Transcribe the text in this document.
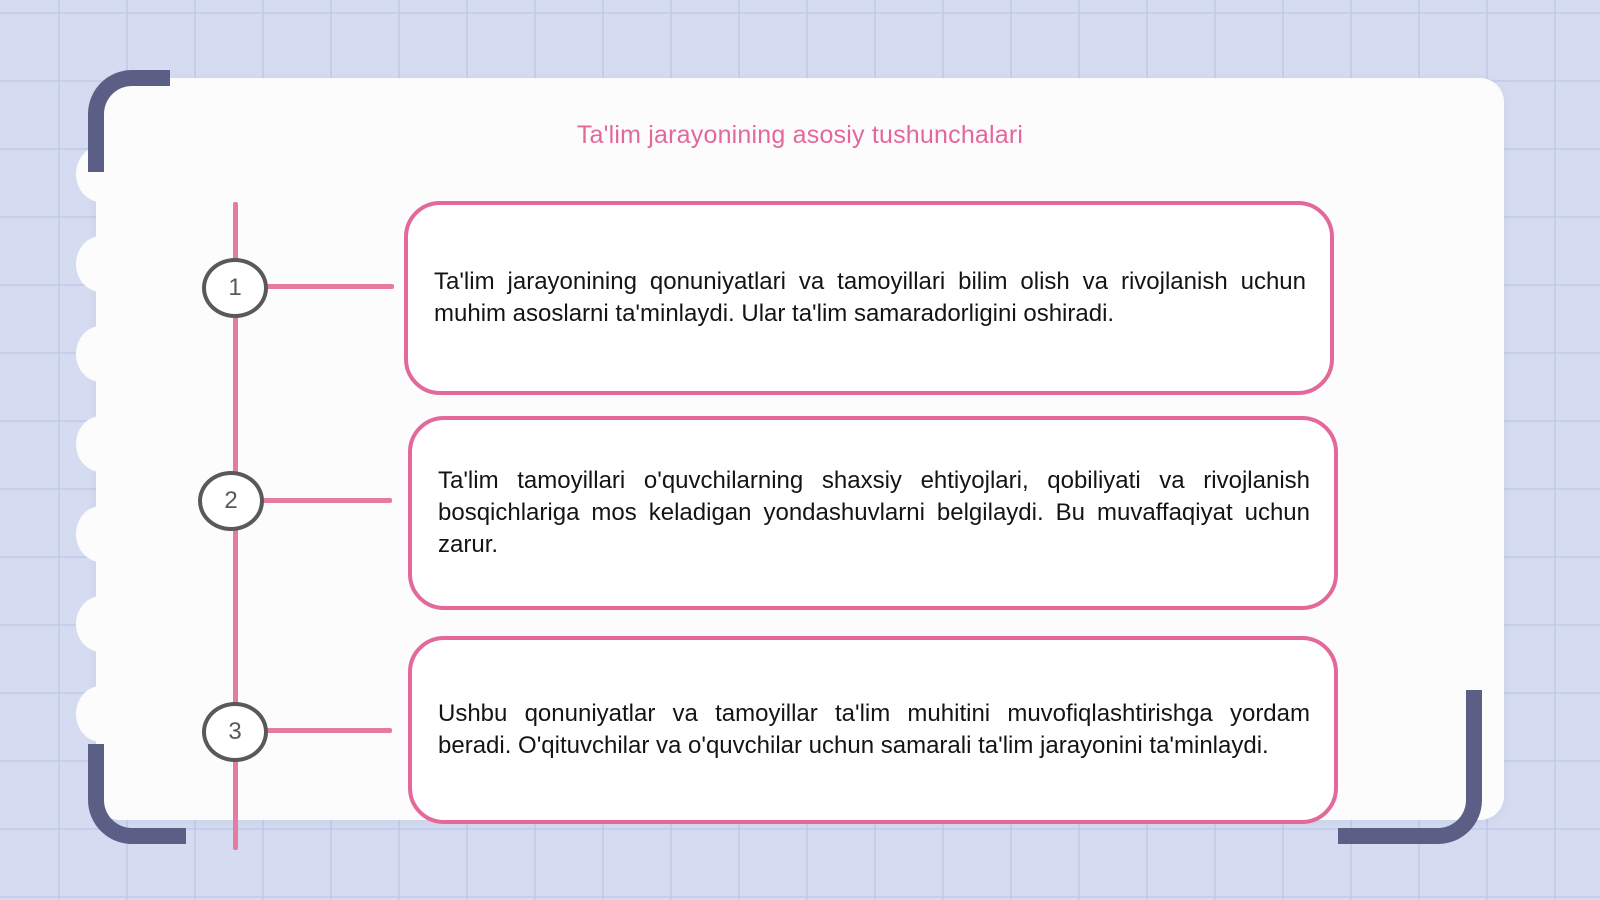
Ta'lim jarayonining asosiy tushunchalari
1	Ta'lim jarayonining qonuniyatlari va tamoyillari bilim olish va rivojlanish uchun muhim asoslarni ta'minlaydi. Ular ta'lim samaradorligini oshiradi.
2
Ta'lim tamoyillari o'quvchilarning shaxsiy ehtiyojlari, qobiliyati va rivojlanish bosqichlariga mos keladigan yondashuvlarni belgilaydi. Bu muvaffaqiyat uchun zarur.
3
Ushbu qonuniyatlar va tamoyillar ta'lim muhitini muvofiqlashtirishga yordam beradi. O'qituvchilar va o'quvchilar uchun samarali ta'lim jarayonini ta'minlaydi.
